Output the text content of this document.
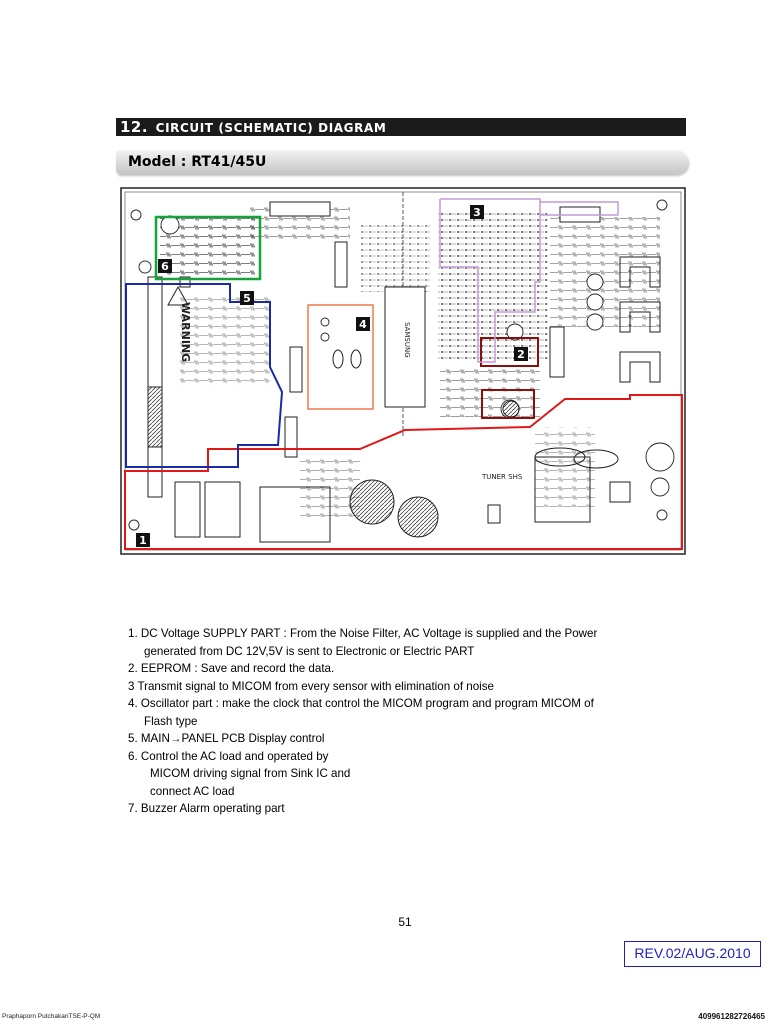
12. CIRCUIT (SCHEMATIC) DIAGRAM
Model : RT41/45U
SAMSUNG
WARNING
TUNER SHS
1
2
3
4
5
6
1. DC Voltage SUPPLY PART : From the Noise Filter, AC Voltage is supplied and the Power
generated from DC 12V,5V is sent to Electronic or Electric PART
2. EEPROM : Save and record the data.
3 Transmit signal to MICOM from every sensor with elimination of noise
4. Oscillator part : make the clock that control the MICOM program and program MICOM of
Flash type
5. MAIN→PANEL PCB Display control
6. Control the AC load and operated by
MICOM driving signal from Sink IC and
connect AC load
7. Buzzer Alarm operating part
51
REV.02/AUG.2010
Praphaporn PutchakanTSE-P-QM	409961282726465
